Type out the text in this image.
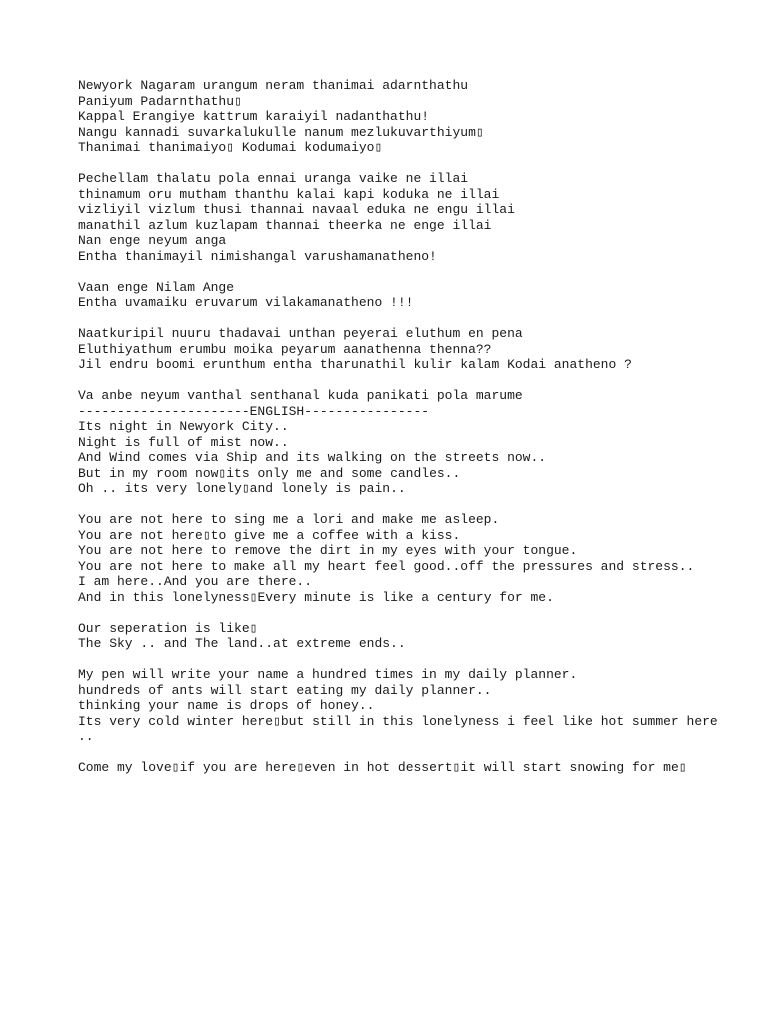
Newyork Nagaram urangum neram thanimai adarnthathu
Paniyum Padarnthathu▯
Kappal Erangiye kattrum karaiyil nadanthathu!
Nangu kannadi suvarkalukulle nanum mezlukuvarthiyum▯
Thanimai thanimaiyo▯ Kodumai kodumaiyo▯
Pechellam thalatu pola ennai uranga vaike ne illai
thinamum oru mutham thanthu kalai kapi koduka ne illai
vizliyil vizlum thusi thannai navaal eduka ne engu illai
manathil azlum kuzlapam thannai theerka ne enge illai
Nan enge neyum anga
Entha thanimayil nimishangal varushamanatheno!
Vaan enge Nilam Ange
Entha uvamaiku eruvarum vilakamanatheno !!!
Naatkuripil nuuru thadavai unthan peyerai eluthum en pena
Eluthiyathum erumbu moika peyarum aanathenna thenna??
Jil endru boomi erunthum entha tharunathil kulir kalam Kodai anatheno ?
Va anbe neyum vanthal senthanal kuda panikati pola marume
----------------------ENGLISH----------------
Its night in Newyork City..
Night is full of mist now..
And Wind comes via Ship and its walking on the streets now..
But in my room now▯its only me and some candles..
Oh .. its very lonely▯and lonely is pain..
You are not here to sing me a lori and make me asleep.
You are not here▯to give me a coffee with a kiss.
You are not here to remove the dirt in my eyes with your tongue.
You are not here to make all my heart feel good..off the pressures and stress..
I am here..And you are there..
And in this lonelyness▯Every minute is like a century for me.
Our seperation is like▯
The Sky .. and The land..at extreme ends..
My pen will write your name a hundred times in my daily planner.
hundreds of ants will start eating my daily planner..
thinking your name is drops of honey..
Its very cold winter here▯but still in this lonelyness i feel like hot summer here
..
Come my love▯if you are here▯even in hot dessert▯it will start snowing for me▯
